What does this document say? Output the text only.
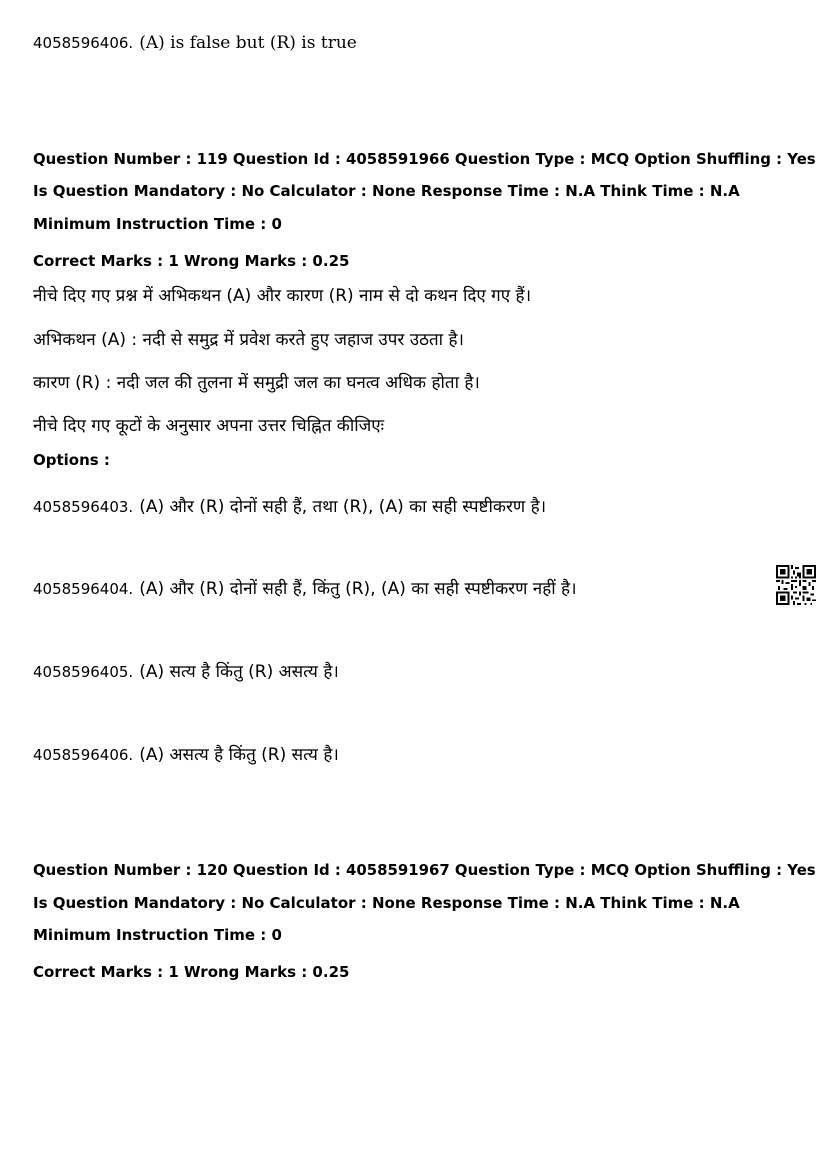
4058596406. (A) is false but (R) is true
Question Number : 119 Question Id : 4058591966 Question Type : MCQ Option Shuffling : Yes
Is Question Mandatory : No Calculator : None Response Time : N.A Think Time : N.A
Minimum Instruction Time : 0
Correct Marks : 1 Wrong Marks : 0.25
नीचे दिए गए प्रश्न में अभिकथन (A) और कारण (R) नाम से दो कथन दिए गए हैं।
अभिकथन (A) : नदी से समुद्र में प्रवेश करते हुए जहाज उपर उठता है।
कारण (R) : नदी जल की तुलना में समुद्री जल का घनत्व अधिक होता है।
नीचे दिए गए कूटों के अनुसार अपना उत्तर चिह्नित कीजिएः
Options :
4058596403. (A) और (R) दोनों सही हैं, तथा (R), (A) का सही स्पष्टीकरण है।
4058596404. (A) और (R) दोनों सही हैं, किंतु (R), (A) का सही स्पष्टीकरण नहीं है।
4058596405. (A) सत्य है किंतु (R) असत्य है।
4058596406. (A) असत्य है किंतु (R) सत्य है।
Question Number : 120 Question Id : 4058591967 Question Type : MCQ Option Shuffling : Yes
Is Question Mandatory : No Calculator : None Response Time : N.A Think Time : N.A
Minimum Instruction Time : 0
Correct Marks : 1 Wrong Marks : 0.25
